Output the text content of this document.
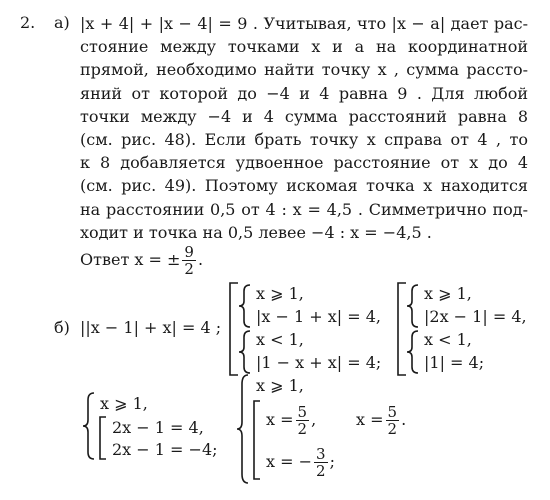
2. а) |x + 4| + |x − 4| = 9 . Учитывая, что |x − a| дает рас-
стояние между точками x и a на координатной
прямой, необходимо найти точку x , сумма рассто-
яний от которой до −4 и 4 равна 9 . Для любой
точки между −4 и 4 сумма расстояний равна 8
(см. рис. 48). Если брать точку x справа от 4 , то
к 8 добавляется удвоенное расстояние от x до 4
(см. рис. 49). Поэтому искомая точка x находится
на расстоянии 0,5 от 4 : x = 4,5 . Симметрично под-
ходит и точка на 0,5 левее −4 : x = −4,5 .
Ответ x = ± $\frac{9}{2}$ .
б) ||x − 1| + x| = 4 ;
x ⩾ 1,
|x − 1 + x| = 4,
x < 1,
|1 − x + x| = 4;
x ⩾ 1,
|2x − 1| = 4,
x < 1,
|1| = 4;
x ⩾ 1,
2x − 1 = 4,
2x − 1 = −4;
x ⩾ 1,
$x = \frac{5}{2}$ ,
x = − $\frac{3}{2}$ ;
$x = \frac{5}{2}$ .
